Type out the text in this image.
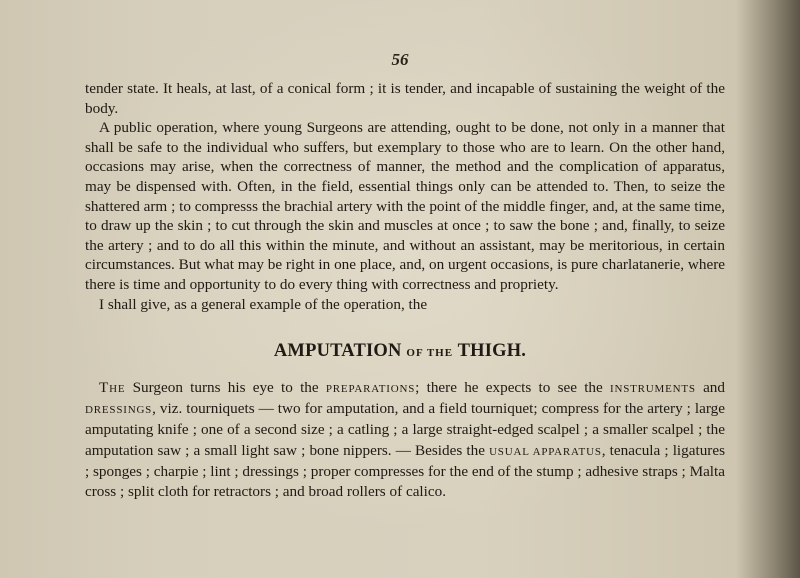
56

tender state. It heals, at last, of a conical form ; it is tender, and incapable of sustaining the weight of the body.

A public operation, where young Surgeons are attending, ought to be done, not only in a manner that shall be safe to the individual who suffers, but exemplary to those who are to learn. On the other hand, occasions may arise, when the correctness of manner, the method and the complication of apparatus, may be dispensed with. Often, in the field, essential things only can be attended to. Then, to seize the shattered arm ; to compresss the brachial artery with the point of the middle finger, and, at the same time, to draw up the skin ; to cut through the skin and muscles at once ; to saw the bone ; and, finally, to seize the artery ; and to do all this within the minute, and without an assistant, may be meritorious, in certain circumstances. But what may be right in one place, and, on urgent occasions, is pure charlatanerie, where there is time and opportunity to do every thing with correctness and propriety.

I shall give, as a general example of the operation, the

AMPUTATION OF THE THIGH.

THE Surgeon turns his eye to the PREPARATIONS; there he expects to see the INSTRUMENTS and DRESSINGS, viz. tourniquets — two for amputation, and a field tourniquet; compress for the artery ; large amputating knife ; one of a second size ; a catling ; a large straight-edged scalpel ; a smaller scalpel ; the amputation saw ; a small light saw ; bone nippers. — Besides the USUAL APPARATUS, tenacula ; ligatures ; sponges ; charpie ; lint ; dressings ; proper compresses for the end of the stump ; adhesive straps ; Malta cross ; split cloth for retractors ; and broad rollers of calico.
